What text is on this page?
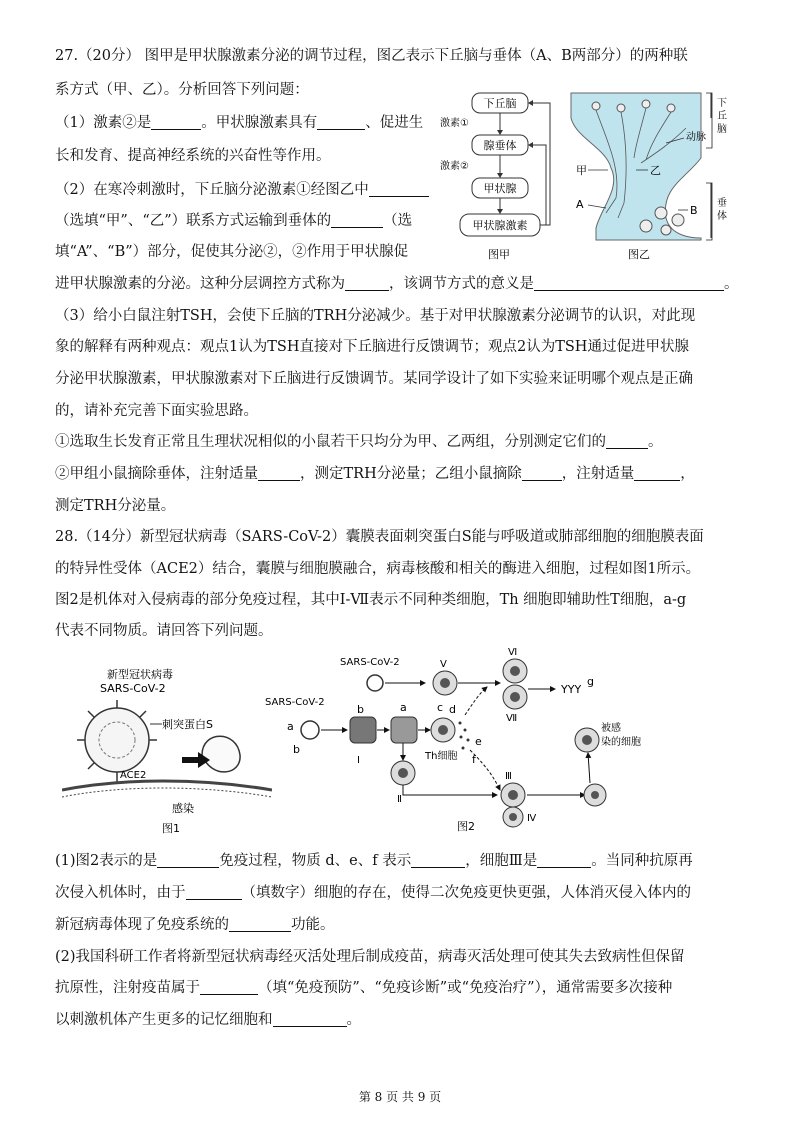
27.（20分） 图甲是甲状腺激素分泌的调节过程，图乙表示下丘脑与垂体（A、B两部分）的两种联
系方式（甲、乙）。分析回答下列问题：
（1）激素②是	。甲状腺激素具有	、促进生
长和发育、提高神经系统的兴奋性等作用。
（2）在寒冷刺激时，下丘脑分泌激素①经图乙中
（选填“甲”、“乙”）联系方式运输到垂体的	（选
填“A”、“B”）部分，促使其分泌②，②作用于甲状腺促
进甲状腺激素的分泌。这种分层调控方式称为	，该调节方式的意义是	。
（3）给小白鼠注射TSH，会使下丘脑的TRH分泌减少。基于对甲状腺激素分泌调节的认识，对此现
象的解释有两种观点：观点1认为TSH直接对下丘脑进行反馈调节；观点2认为TSH通过促进甲状腺
分泌甲状腺激素，甲状腺激素对下丘脑进行反馈调节。某同学设计了如下实验来证明哪个观点是正确
的，请补充完善下面实验思路。
①选取生长发育正常且生理状况相似的小鼠若干只均分为甲、乙两组，分别测定它们的	。
②甲组小鼠摘除垂体，注射适量	，测定TRH分泌量；乙组小鼠摘除	，注射适量	，
测定TRH分泌量。
下丘脑
腺垂体
甲状腺
甲状腺激素
激素①
激素②
图甲
下
丘
脑
垂
体
动脉
甲	乙
A	B
图乙
28.（14分）新型冠状病毒（SARS-CoV-2）囊膜表面刺突蛋白S能与呼吸道或肺部细胞的细胞膜表面
的特异性受体（ACE2）结合，囊膜与细胞膜融合，病毒核酸和相关的酶进入细胞，过程如图1所示。
图2是机体对入侵病毒的部分免疫过程，其中Ⅰ-Ⅶ表示不同种类细胞，Th 细胞即辅助性T细胞，a-g
代表不同物质。请回答下列问题。
新型冠状病毒
SARS-CoV-2
刺突蛋白S
ACE2
感染
图1
SARS-CoV-2	Ⅴ
Ⅵ
Ⅶ
YYY
g
SARS-CoV-2
a
b
Ⅰ
b	a	c
Th细胞
d
e
f
Ⅱ
Ⅲ
Ⅳ
被感
染的细胞
图2
(1)图2表示的是	免疫过程，物质 d、e、f 表示	，细胞Ⅲ是	。当同种抗原再
次侵入机体时，由于	（填数字）细胞的存在，使得二次免疫更快更强，人体消灭侵入体内的
新冠病毒体现了免疫系统的	功能。
(2)我国科研工作者将新型冠状病毒经灭活处理后制成疫苗，病毒灭活处理可使其失去致病性但保留
抗原性，注射疫苗属于	（填“免疫预防”、“免疫诊断”或“免疫治疗”），通常需要多次接种
以刺激机体产生更多的记忆细胞和	。
第 8 页 共 9 页
